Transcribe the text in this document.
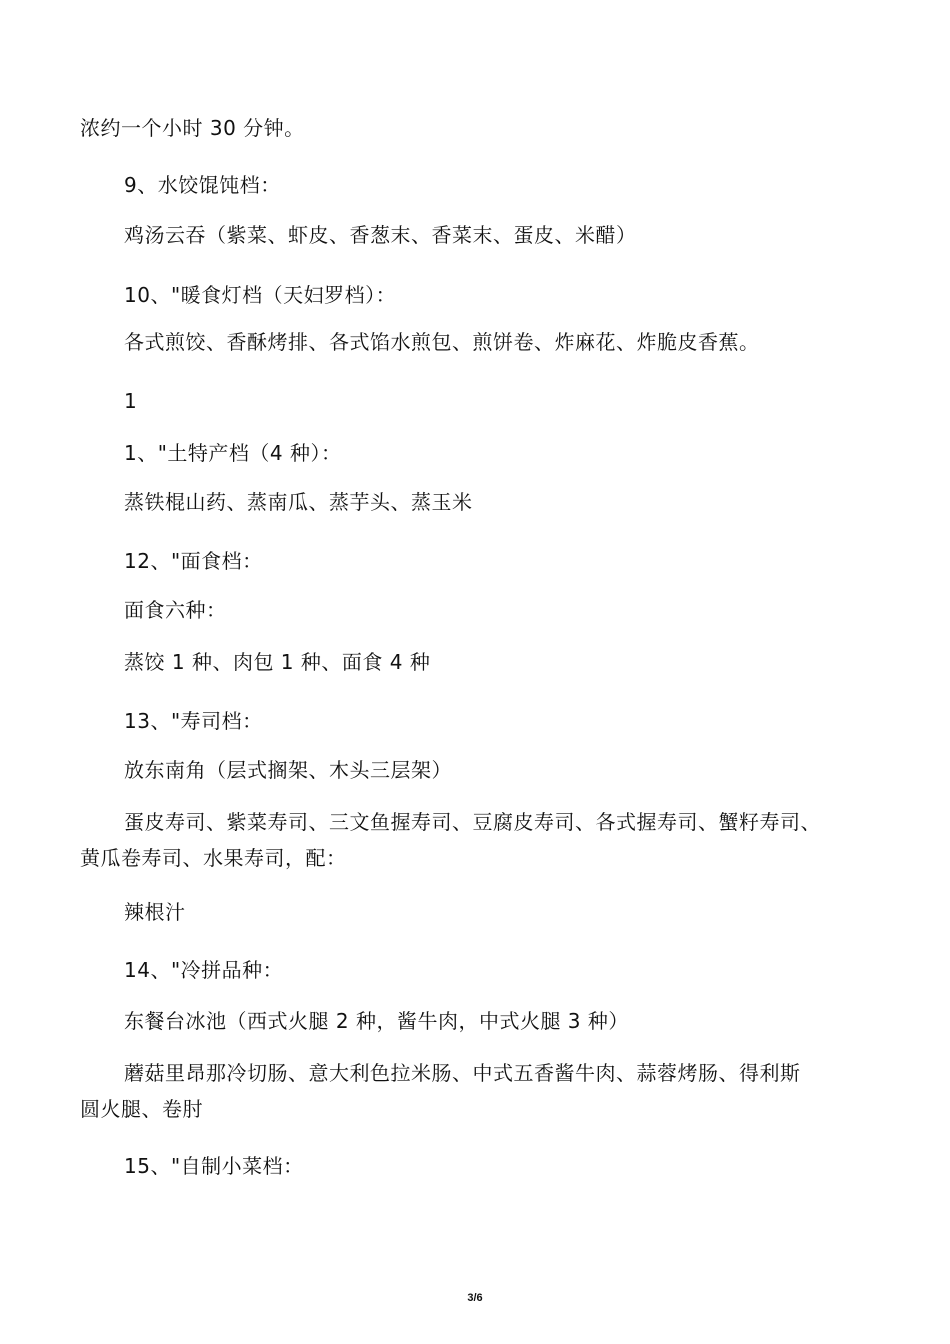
浓约一个小时 30 分钟。
9、水饺馄饨档：
鸡汤云吞（紫菜、虾皮、香葱末、香菜末、蛋皮、米醋）
10、"暖食灯档（天妇罗档）：
各式煎饺、香酥烤排、各式馅水煎包、煎饼卷、炸麻花、炸脆皮香蕉。
1
1、"土特产档（4 种）：
蒸铁棍山药、蒸南瓜、蒸芋头、蒸玉米
12、"面食档：
面食六种：
蒸饺 1 种、肉包 1 种、面食 4 种
13、"寿司档：
放东南角（层式搁架、木头三层架）
蛋皮寿司、紫菜寿司、三文鱼握寿司、豆腐皮寿司、各式握寿司、蟹籽寿司、
黄瓜卷寿司、水果寿司，配：
辣根汁
14、"冷拼品种：
东餐台冰池（西式火腿 2 种，酱牛肉，中式火腿 3 种）
蘑菇里昂那冷切肠、意大利色拉米肠、中式五香酱牛肉、蒜蓉烤肠、得利斯
圆火腿、卷肘
15、"自制小菜档：
3/6
